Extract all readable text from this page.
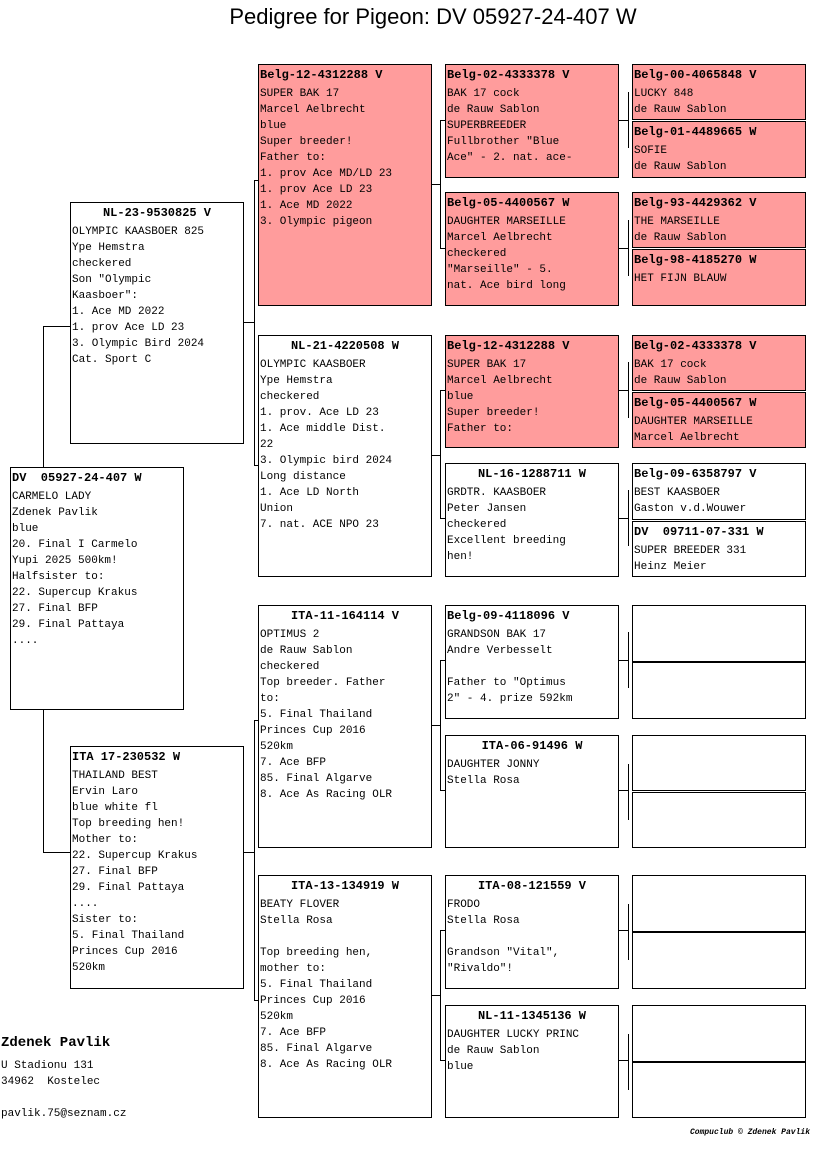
Pedigree for Pigeon: DV 05927-24-407 W
DV  05927-24-407 W
CARMELO LADY
Zdenek Pavlik
blue
20. Final I Carmelo
Yupi 2025 500km!
Halfsister to:
22. Supercup Krakus
27. Final BFP
29. Final Pattaya
....
NL-23-9530825 V
OLYMPIC KAASBOER 825
Ype Hemstra
checkered
Son "Olympic
Kaasboer":
1. Ace MD 2022
1. prov Ace LD 23
3. Olympic Bird 2024
Cat. Sport C
ITA 17-230532 W
THAILAND BEST
Ervin Laro
blue white fl
Top breeding hen!
Mother to:
22. Supercup Krakus
27. Final BFP
29. Final Pattaya
....
Sister to:
5. Final Thailand
Princes Cup 2016
520km
Belg-12-4312288 V
SUPER BAK 17
Marcel Aelbrecht
blue
Super breeder!
Father to:
1. prov Ace MD/LD 23
1. prov Ace LD 23
1. Ace MD 2022
3. Olympic pigeon
NL-21-4220508 W
OLYMPIC KAASBOER
Ype Hemstra
checkered
1. prov. Ace LD 23
1. Ace middle Dist.
22
3. Olympic bird 2024
Long distance
1. Ace LD North
Union
7. nat. ACE NPO 23
ITA-11-164114 V
OPTIMUS 2
de Rauw Sablon
checkered
Top breeder. Father
to:
5. Final Thailand
Princes Cup 2016
520km
7. Ace BFP
85. Final Algarve
8. Ace As Racing OLR
ITA-13-134919 W
BEATY FLOVER
Stella Rosa

Top breeding hen,
mother to:
5. Final Thailand
Princes Cup 2016
520km
7. Ace BFP
85. Final Algarve
8. Ace As Racing OLR
Belg-02-4333378 V
BAK 17 cock
de Rauw Sablon
SUPERBREEDER
Fullbrother "Blue
Ace" - 2. nat. ace-
Belg-05-4400567 W
DAUGHTER MARSEILLE
Marcel Aelbrecht
checkered
"Marseille" - 5.
nat. Ace bird long
Belg-12-4312288 V
SUPER BAK 17
Marcel Aelbrecht
blue
Super breeder!
Father to:
NL-16-1288711 W
GRDTR. KAASBOER
Peter Jansen
checkered
Excellent breeding
hen!
Belg-09-4118096 V
GRANDSON BAK 17
Andre Verbesselt

Father to "Optimus
2" - 4. prize 592km
ITA-06-91496 W
DAUGHTER JONNY
Stella Rosa
ITA-08-121559 V
FRODO
Stella Rosa

Grandson "Vital",
"Rivaldo"!
NL-11-1345136 W
DAUGHTER LUCKY PRINC
de Rauw Sablon
blue
Belg-00-4065848 V
LUCKY 848
de Rauw Sablon
Belg-01-4489665 W
SOFIE
de Rauw Sablon
Belg-93-4429362 V
THE MARSEILLE
de Rauw Sablon
Belg-98-4185270 W
HET FIJN BLAUW
Belg-02-4333378 V
BAK 17 cock
de Rauw Sablon
Belg-05-4400567 W
DAUGHTER MARSEILLE
Marcel Aelbrecht
Belg-09-6358797 V
BEST KAASBOER
Gaston v.d.Wouwer
DV  09711-07-331 W
SUPER BREEDER 331
Heinz Meier
Zdenek Pavlik
U Stadionu 131
34962  Kostelec
pavlik.75@seznam.cz
Compuclub © Zdenek Pavlik
